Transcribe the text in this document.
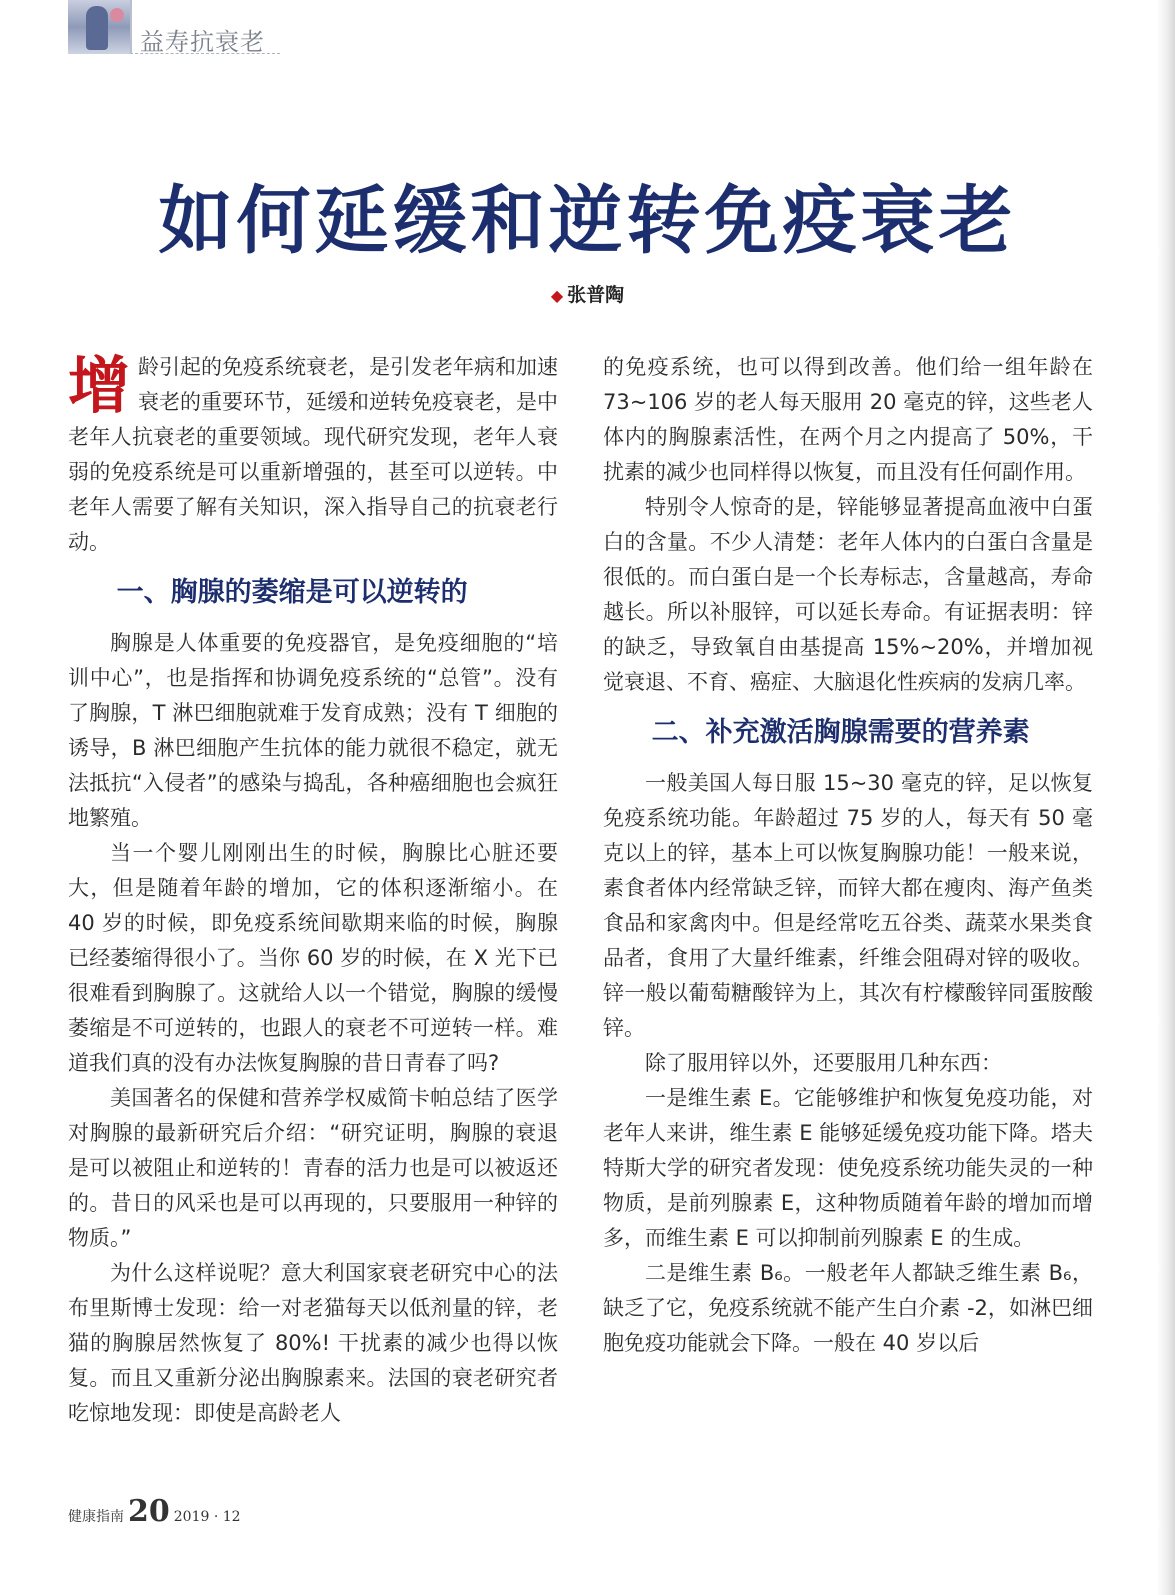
益寿抗衰老
如何延缓和逆转免疫衰老
◆ 张普陶

增龄引起的免疫系统衰老，是引发老年病和加速衰老的重要环节，延缓和逆转免疫衰老，是中老年人抗衰老的重要领域。现代研究发现，老年人衰弱的免疫系统是可以重新增强的，甚至可以逆转。中老年人需要了解有关知识，深入指导自己的抗衰老行动。

一、胸腺的萎缩是可以逆转的

胸腺是人体重要的免疫器官，是免疫细胞的“培训中心”，也是指挥和协调免疫系统的“总管”。没有了胸腺，T 淋巴细胞就难于发育成熟；没有 T 细胞的诱导，B 淋巴细胞产生抗体的能力就很不稳定，就无法抵抗“入侵者”的感染与捣乱，各种癌细胞也会疯狂地繁殖。

当一个婴儿刚刚出生的时候，胸腺比心脏还要大，但是随着年龄的增加，它的体积逐渐缩小。在 40 岁的时候，即免疫系统间歇期来临的时候，胸腺已经萎缩得很小了。当你 60 岁的时候，在 X 光下已很难看到胸腺了。这就给人以一个错觉，胸腺的缓慢萎缩是不可逆转的，也跟人的衰老不可逆转一样。难道我们真的没有办法恢复胸腺的昔日青春了吗?

美国著名的保健和营养学权威简卡帕总结了医学对胸腺的最新研究后介绍：“研究证明，胸腺的衰退是可以被阻止和逆转的！青春的活力也是可以被返还的。昔日的风采也是可以再现的，只要服用一种锌的物质。”

为什么这样说呢？意大利国家衰老研究中心的法布里斯博士发现：给一对老猫每天以低剂量的锌，老猫的胸腺居然恢复了 80%! 干扰素的减少也得以恢复。而且又重新分泌出胸腺素来。法国的衰老研究者吃惊地发现：即使是高龄老人

的免疫系统，也可以得到改善。他们给一组年龄在 73~106 岁的老人每天服用 20 毫克的锌，这些老人体内的胸腺素活性，在两个月之内提高了 50%，干扰素的减少也同样得以恢复，而且没有任何副作用。

特别令人惊奇的是，锌能够显著提高血液中白蛋白的含量。不少人清楚：老年人体内的白蛋白含量是很低的。而白蛋白是一个长寿标志，含量越高，寿命越长。所以补服锌，可以延长寿命。有证据表明：锌的缺乏，导致氧自由基提高 15%~20%，并增加视觉衰退、不育、癌症、大脑退化性疾病的发病几率。

二、补充激活胸腺需要的营养素

一般美国人每日服 15~30 毫克的锌，足以恢复免疫系统功能。年龄超过 75 岁的人，每天有 50 毫克以上的锌，基本上可以恢复胸腺功能！一般来说，素食者体内经常缺乏锌，而锌大都在瘦肉、海产鱼类食品和家禽肉中。但是经常吃五谷类、蔬菜水果类食品者，食用了大量纤维素，纤维会阻碍对锌的吸收。锌一般以葡萄糖酸锌为上，其次有柠檬酸锌同蛋胺酸锌。

除了服用锌以外，还要服用几种东西：

一是维生素 E。它能够维护和恢复免疫功能，对老年人来讲，维生素 E 能够延缓免疫功能下降。塔夫特斯大学的研究者发现：使免疫系统功能失灵的一种物质，是前列腺素 E，这种物质随着年龄的增加而增多，而维生素 E 可以抑制前列腺素 E 的生成。

二是维生素 B₆。一般老年人都缺乏维生素 B₆，缺乏了它，免疫系统就不能产生白介素 -2，如淋巴细胞免疫功能就会下降。一般在 40 岁以后

健康指南 20 2019 · 12
